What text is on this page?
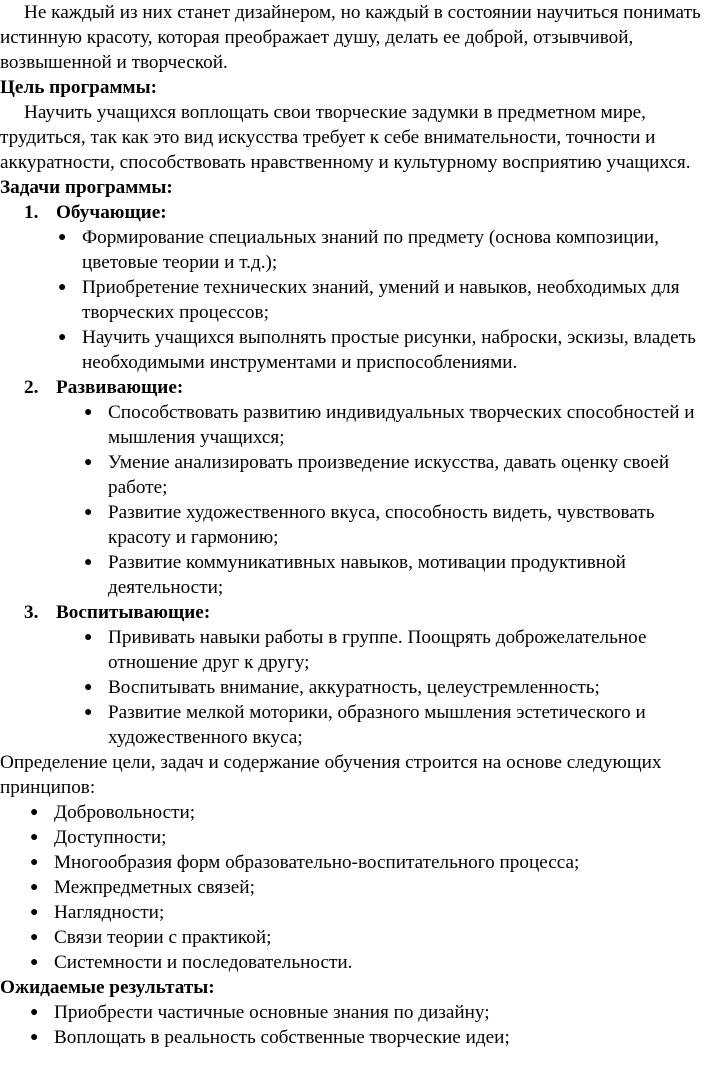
Не каждый из них станет дизайнером, но каждый в состоянии научиться понимать истинную красоту, которая преображает душу, делать ее доброй, отзывчивой, возвышенной и творческой.

Цель программы:

Научить учащихся воплощать свои творческие задумки в предметном мире, трудиться, так как это вид искусства требует к себе внимательности, точности и аккуратности, способствовать нравственному и культурному восприятию учащихся.

Задачи программы:

1. Обучающие:
● Формирование специальных знаний по предмету (основа композиции, цветовые теории и т.д.);
● Приобретение технических знаний, умений и навыков, необходимых для творческих процессов;
● Научить учащихся выполнять простые рисунки, наброски, эскизы, владеть необходимыми инструментами и приспособлениями.
2. Развивающие:
● Способствовать развитию индивидуальных творческих способностей и мышления учащихся;
● Умение анализировать произведение искусства, давать оценку своей работе;
● Развитие художественного вкуса, способность видеть, чувствовать красоту и гармонию;
● Развитие коммуникативных навыков, мотивации продуктивной деятельности;
3. Воспитывающие:
● Прививать навыки работы в группе. Поощрять доброжелательное отношение друг к другу;
● Воспитывать внимание, аккуратность, целеустремленность;
● Развитие мелкой моторики, образного мышления эстетического и художественного вкуса;

Определение цели, задач и содержание обучения строится на основе следующих принципов:

● Добровольности;
● Доступности;
● Многообразия форм образовательно-воспитательного процесса;
● Межпредметных связей;
● Наглядности;
● Связи теории с практикой;
● Системности и последовательности.

Ожидаемые результаты:

● Приобрести частичные основные знания по дизайну;
● Воплощать в реальность собственные творческие идеи;
